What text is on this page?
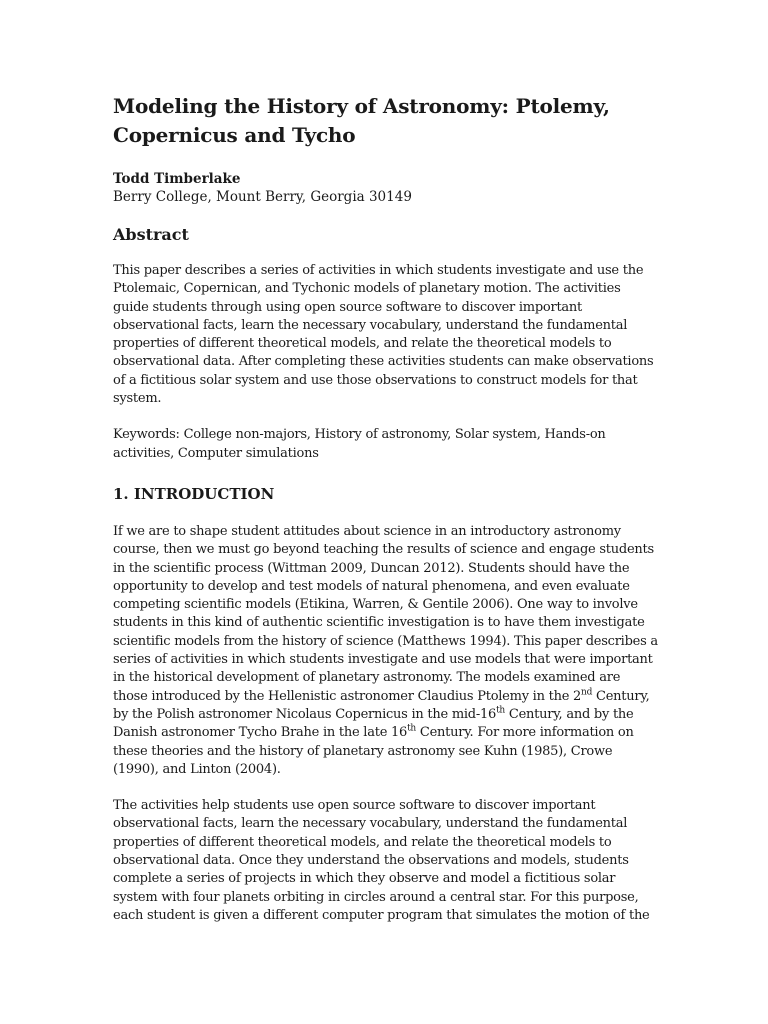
Modeling the History of Astronomy: Ptolemy, Copernicus and Tycho
Todd Timberlake
Berry College, Mount Berry, Georgia 30149
Abstract

This paper describes a series of activities in which students investigate and use the Ptolemaic, Copernican, and Tychonic models of planetary motion. The activities guide students through using open source software to discover important observational facts, learn the necessary vocabulary, understand the fundamental properties of different theoretical models, and relate the theoretical models to observational data. After completing these activities students can make observations of a fictitious solar system and use those observations to construct models for that system.

Keywords: College non-majors, History of astronomy, Solar system, Hands-on activities, Computer simulations

1. INTRODUCTION

If we are to shape student attitudes about science in an introductory astronomy course, then we must go beyond teaching the results of science and engage students in the scientific process (Wittman 2009, Duncan 2012). Students should have the opportunity to develop and test models of natural phenomena, and even evaluate competing scientific models (Etikina, Warren, & Gentile 2006). One way to involve students in this kind of authentic scientific investigation is to have them investigate scientific models from the history of science (Matthews 1994). This paper describes a series of activities in which students investigate and use models that were important in the historical development of planetary astronomy. The models examined are those introduced by the Hellenistic astronomer Claudius Ptolemy in the 2nd Century, by the Polish astronomer Nicolaus Copernicus in the mid-16th Century, and by the Danish astronomer Tycho Brahe in the late 16th Century. For more information on these theories and the history of planetary astronomy see Kuhn (1985), Crowe (1990), and Linton (2004).

The activities help students use open source software to discover important observational facts, learn the necessary vocabulary, understand the fundamental properties of different theoretical models, and relate the theoretical models to observational data. Once they understand the observations and models, students complete a series of projects in which they observe and model a fictitious solar system with four planets orbiting in circles around a central star. For this purpose, each student is given a different computer program that simulates the motion of the
